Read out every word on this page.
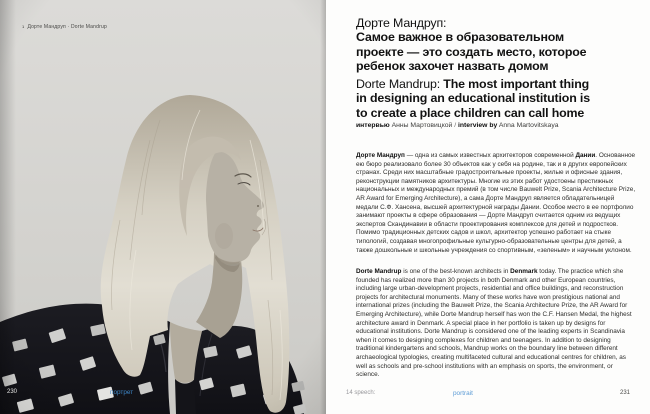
$^1$ Дорте Мандруп · Dorte Mandrup
230	портрет
Дорте Мандруп:
Самое важное в образовательном
проекте — это создать место, которое
ребенок захочет назвать домом
Dorte Mandrup: The most important thing
in designing an educational institution is
to create a place children can call home
интервью Анны Мартовицкой / interview by Anna Martovitskaya
Дорте Мандруп — одна из самых известных архитекторов современной Дании. Основанное ею бюро реализовало более 30 объектов как у себя на родине, так и в других европейских странах. Среди них масштабные градостроительные проекты, жилые и офисные здания, реконструкции памятников архитектуры. Многие из этих работ удостоены престижных национальных и международных премий (в том числе Bauwelt Prize, Scania Architecture Prize, AR Award for Emerging Architecture), а сама Дорте Мандруп является обладательницей медали С.Ф. Хансена, высшей архитектурной награды Дании. Особое место в ее портфолио занимают проекты в сфере образования — Дорте Мандруп считается одним из ведущих экспертов Скандинавии в области проектирования комплексов для детей и подростков. Помимо традиционных детских садов и школ, архитектор успешно работает на стыке типологий, создавая многопрофильные культурно-образовательные центры для детей, а также дошкольные и школьные учреждения со спортивным, «зеленым» и научным уклоном.
Dorte Mandrup is one of the best-known architects in Denmark today. The practice which she founded has realized more than 30 projects in both Denmark and other European countries, including large urban-development projects, residential and office buildings, and reconstruction projects for architectural monuments. Many of these works have won prestigious national and international prizes (including the Bauwelt Prize, the Scania Architecture Prize, the AR Award for Emerging Architecture), while Dorte Mandrup herself has won the C.F. Hansen Medal, the highest architecture award in Denmark. A special place in her portfolio is taken up by designs for educational institutions. Dorte Mandrup is considered one of the leading experts in Scandinavia when it comes to designing complexes for children and teenagers. In addition to designing traditional kindergartens and schools, Mandrup works on the boundary line between different archaeological typologies, creating multifaceted cultural and educational centres for children, as well as schools and pre-school institutions with an emphasis on sports, the environment, or science.
14 speech:	portrait	231
